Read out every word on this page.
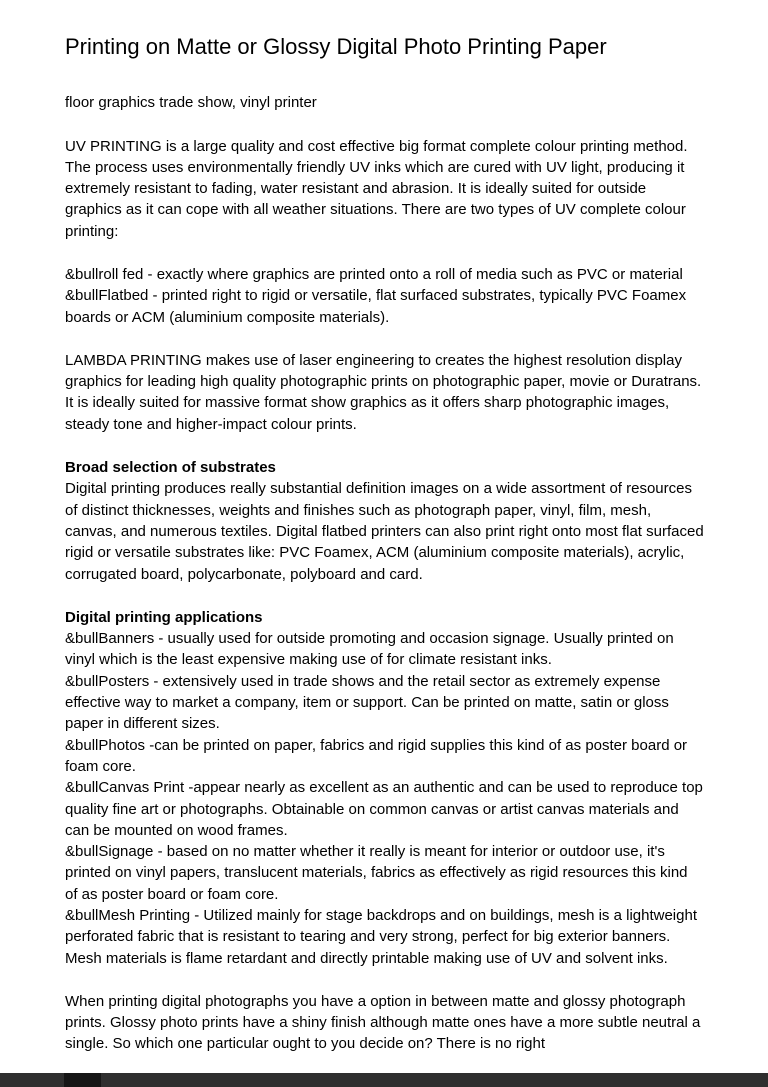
Printing on Matte or Glossy Digital Photo Printing Paper

floor graphics trade show, vinyl printer

UV PRINTING is a large quality and cost effective big format complete colour printing method. The process uses environmentally friendly UV inks which are cured with UV light, producing it extremely resistant to fading, water resistant and abrasion. It is ideally suited for outside graphics as it can cope with all weather situations. There are two types of UV complete colour printing:

&bullroll fed - exactly where graphics are printed onto a roll of media such as PVC or material
&bullFlatbed - printed right to rigid or versatile, flat surfaced substrates, typically PVC Foamex boards or ACM (aluminium composite materials).

LAMBDA PRINTING makes use of laser engineering to creates the highest resolution display graphics for leading high quality photographic prints on photographic paper, movie or Duratrans. It is ideally suited for massive format show graphics as it offers sharp photographic images, steady tone and higher-impact colour prints.

Broad selection of substrates

Digital printing produces really substantial definition images on a wide assortment of resources of distinct thicknesses, weights and finishes such as photograph paper, vinyl, film, mesh, canvas, and numerous textiles. Digital flatbed printers can also print right onto most flat surfaced rigid or versatile substrates like: PVC Foamex, ACM (aluminium composite materials), acrylic, corrugated board, polycarbonate, polyboard and card.

Digital printing applications
&bullBanners - usually used for outside promoting and occasion signage. Usually printed on vinyl which is the least expensive making use of for climate resistant inks.
&bullPosters - extensively used in trade shows and the retail sector as extremely expense effective way to market a company, item or support. Can be printed on matte, satin or gloss paper in different sizes.
&bullPhotos -can be printed on paper, fabrics and rigid supplies this kind of as poster board or foam core.
&bullCanvas Print -appear nearly as excellent as an authentic and can be used to reproduce top quality fine art or photographs. Obtainable on common canvas or artist canvas materials and can be mounted on wood frames.
&bullSignage - based on no matter whether it really is meant for interior or outdoor use, it's printed on vinyl papers, translucent materials, fabrics as effectively as rigid resources this kind of as poster board or foam core.
&bullMesh Printing - Utilized mainly for stage backdrops and on buildings, mesh is a lightweight perforated fabric that is resistant to tearing and very strong, perfect for big exterior banners. Mesh materials is flame retardant and directly printable making use of UV and solvent inks.

When printing digital photographs you have a option in between matte and glossy photograph prints. Glossy photo prints have a shiny finish although matte ones have a more subtle neutral a single. So which one particular ought to you decide on? There is no right
